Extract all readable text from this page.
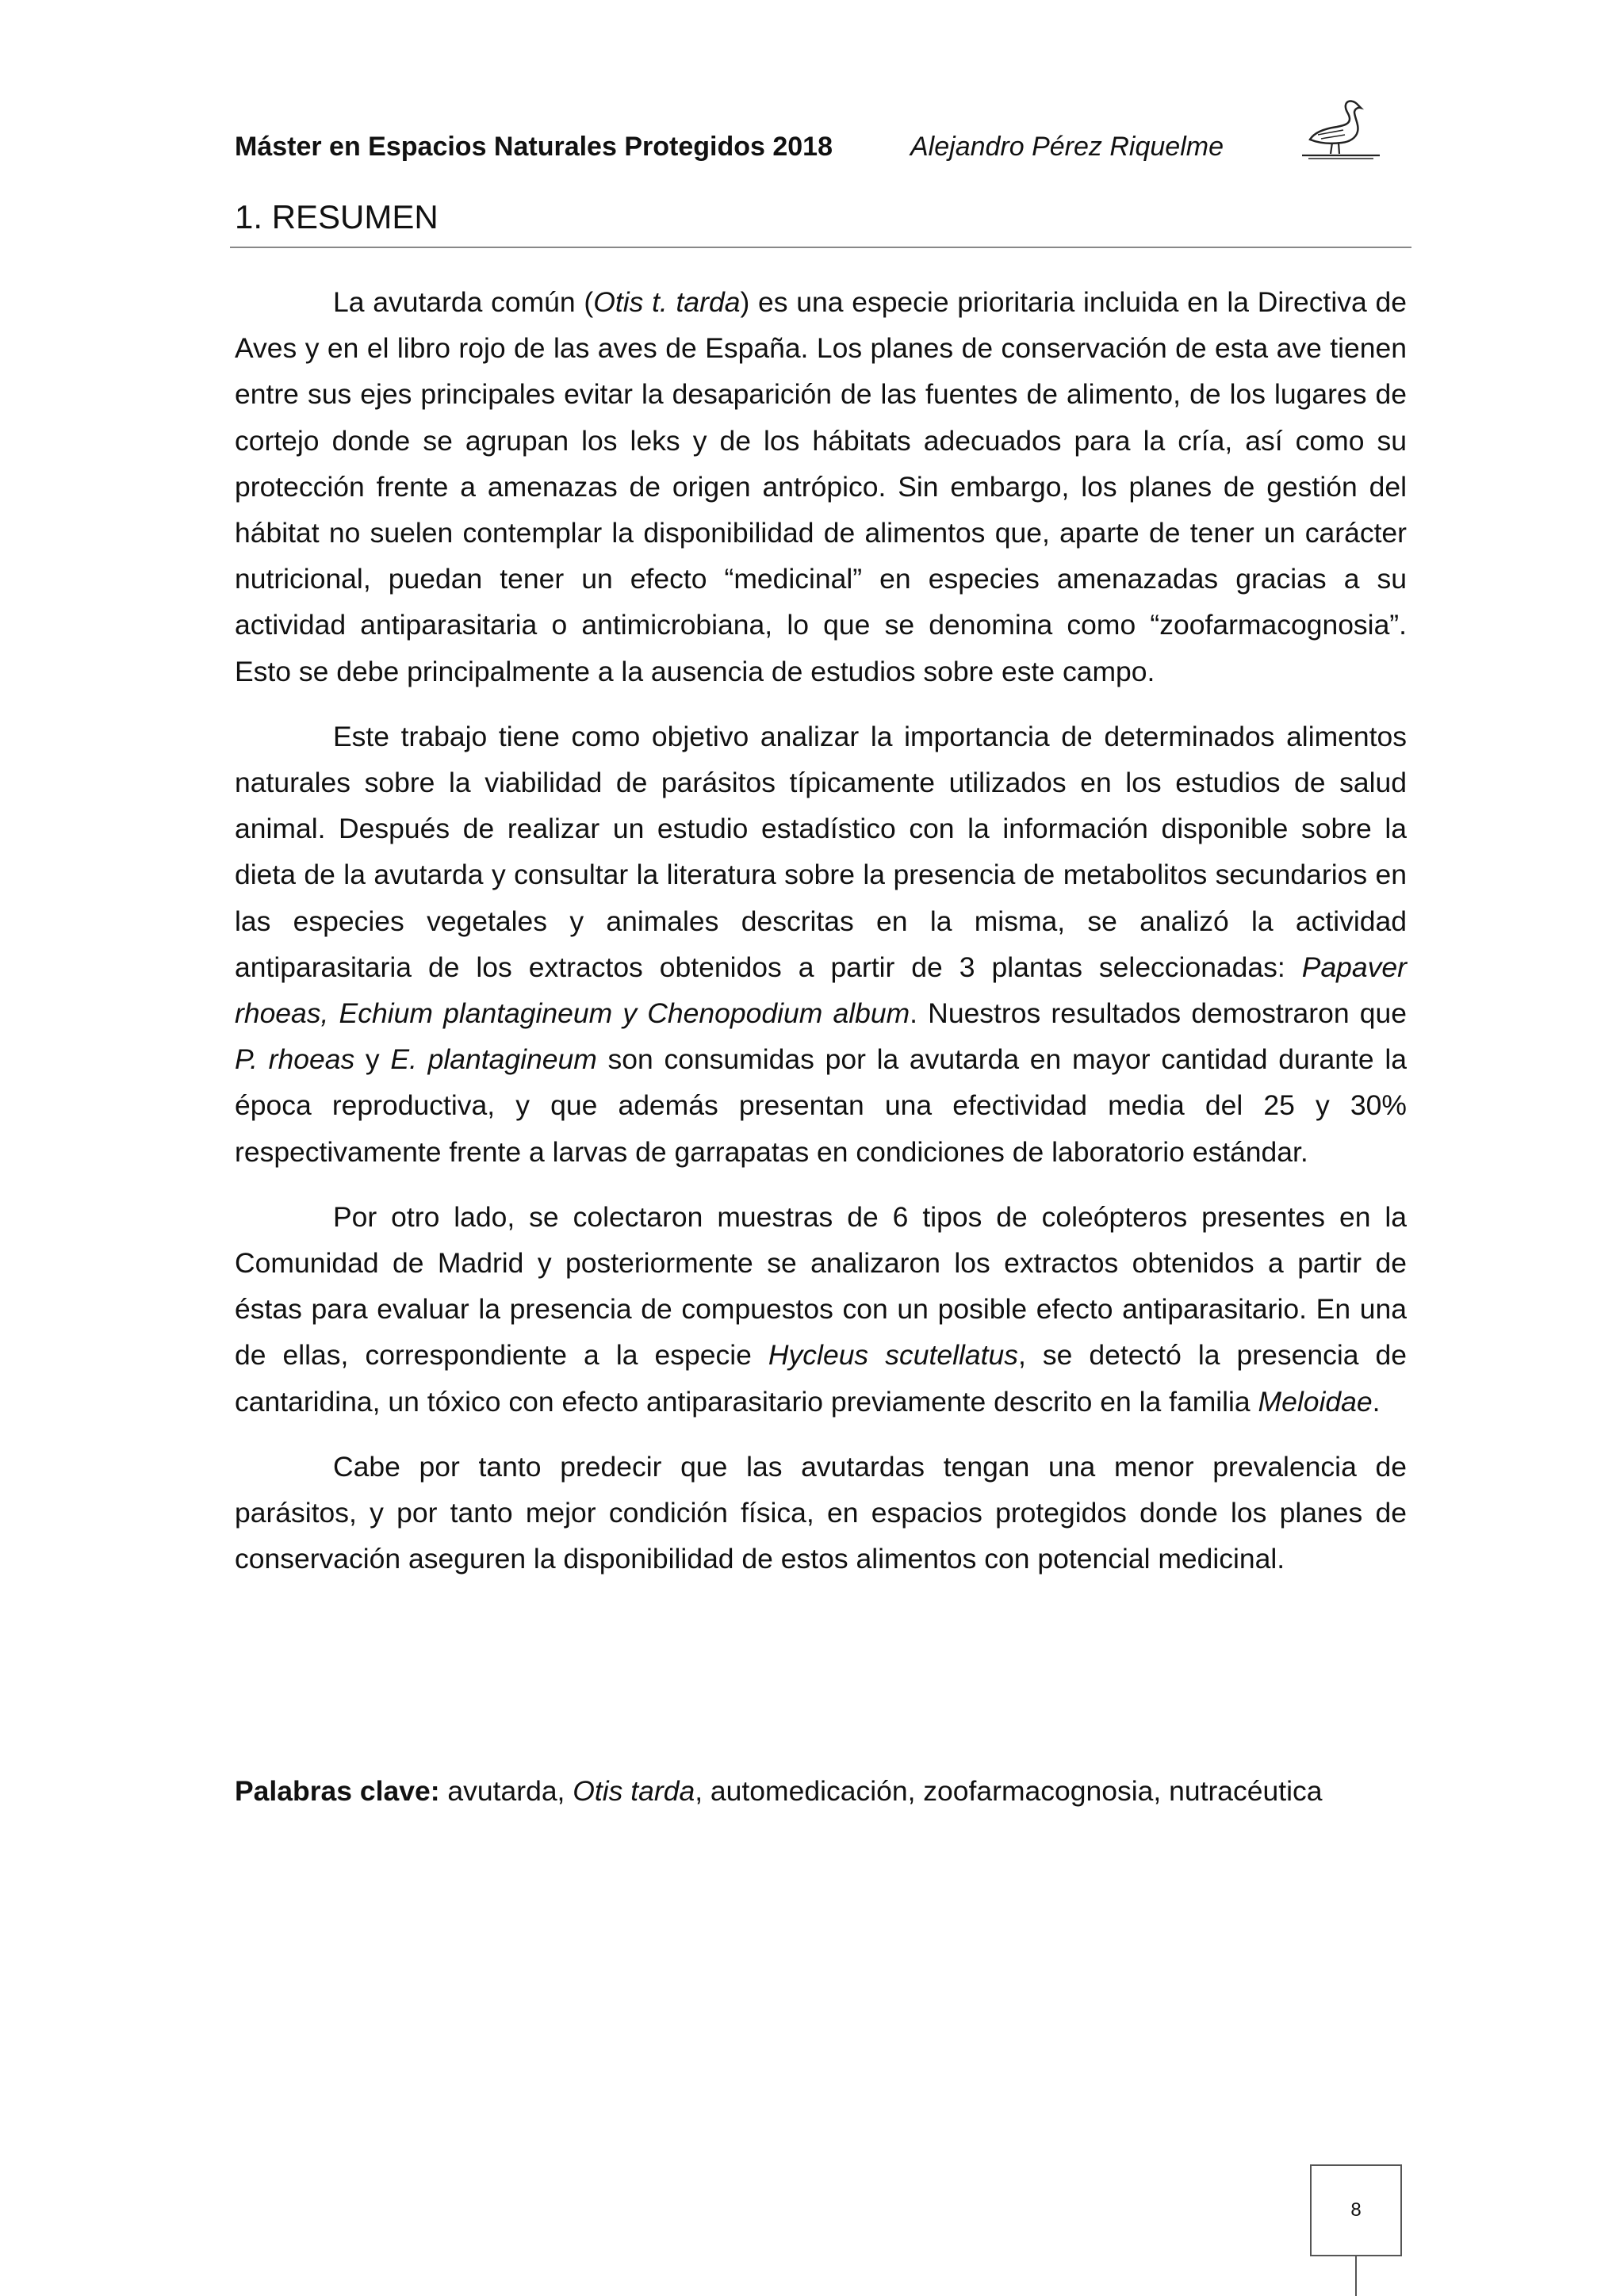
Máster en Espacios Naturales Protegidos 2018	Alejandro Pérez Riquelme
1. RESUMEN

La avutarda común (Otis t. tarda) es una especie prioritaria incluida en la Directiva de Aves y en el libro rojo de las aves de España. Los planes de conservación de esta ave tienen entre sus ejes principales evitar la desaparición de las fuentes de alimento, de los lugares de cortejo donde se agrupan los leks y de los hábitats adecuados para la cría, así como su protección frente a amenazas de origen antrópico. Sin embargo, los planes de gestión del hábitat no suelen contemplar la disponibilidad de alimentos que, aparte de tener un carácter nutricional, puedan tener un efecto “medicinal” en especies amenazadas gracias a su actividad antiparasitaria o antimicrobiana, lo que se denomina como “zoofarmacognosia”. Esto se debe principalmente a la ausencia de estudios sobre este campo.

Este trabajo tiene como objetivo analizar la importancia de determinados alimentos naturales sobre la viabilidad de parásitos típicamente utilizados en los estudios de salud animal. Después de realizar un estudio estadístico con la información disponible sobre la dieta de la avutarda y consultar la literatura sobre la presencia de metabolitos secundarios en las especies vegetales y animales descritas en la misma, se analizó la actividad antiparasitaria de los extractos obtenidos a partir de 3 plantas seleccionadas: Papaver rhoeas, Echium plantagineum y Chenopodium album. Nuestros resultados demostraron que P. rhoeas y E. plantagineum son consumidas por la avutarda en mayor cantidad durante la época reproductiva, y que además presentan una efectividad media del 25 y 30% respectivamente frente a larvas de garrapatas en condiciones de laboratorio estándar.

Por otro lado, se colectaron muestras de 6 tipos de coleópteros presentes en la Comunidad de Madrid y posteriormente se analizaron los extractos obtenidos a partir de éstas para evaluar la presencia de compuestos con un posible efecto antiparasitario. En una de ellas, correspondiente a la especie Hycleus scutellatus, se detectó la presencia de cantaridina, un tóxico con efecto antiparasitario previamente descrito en la familia Meloidae.

Cabe por tanto predecir que las avutardas tengan una menor prevalencia de parásitos, y por tanto mejor condición física, en espacios protegidos donde los planes de conservación aseguren la disponibilidad de estos alimentos con potencial medicinal.

Palabras clave: avutarda, Otis tarda, automedicación, zoofarmacognosia, nutracéutica
8
